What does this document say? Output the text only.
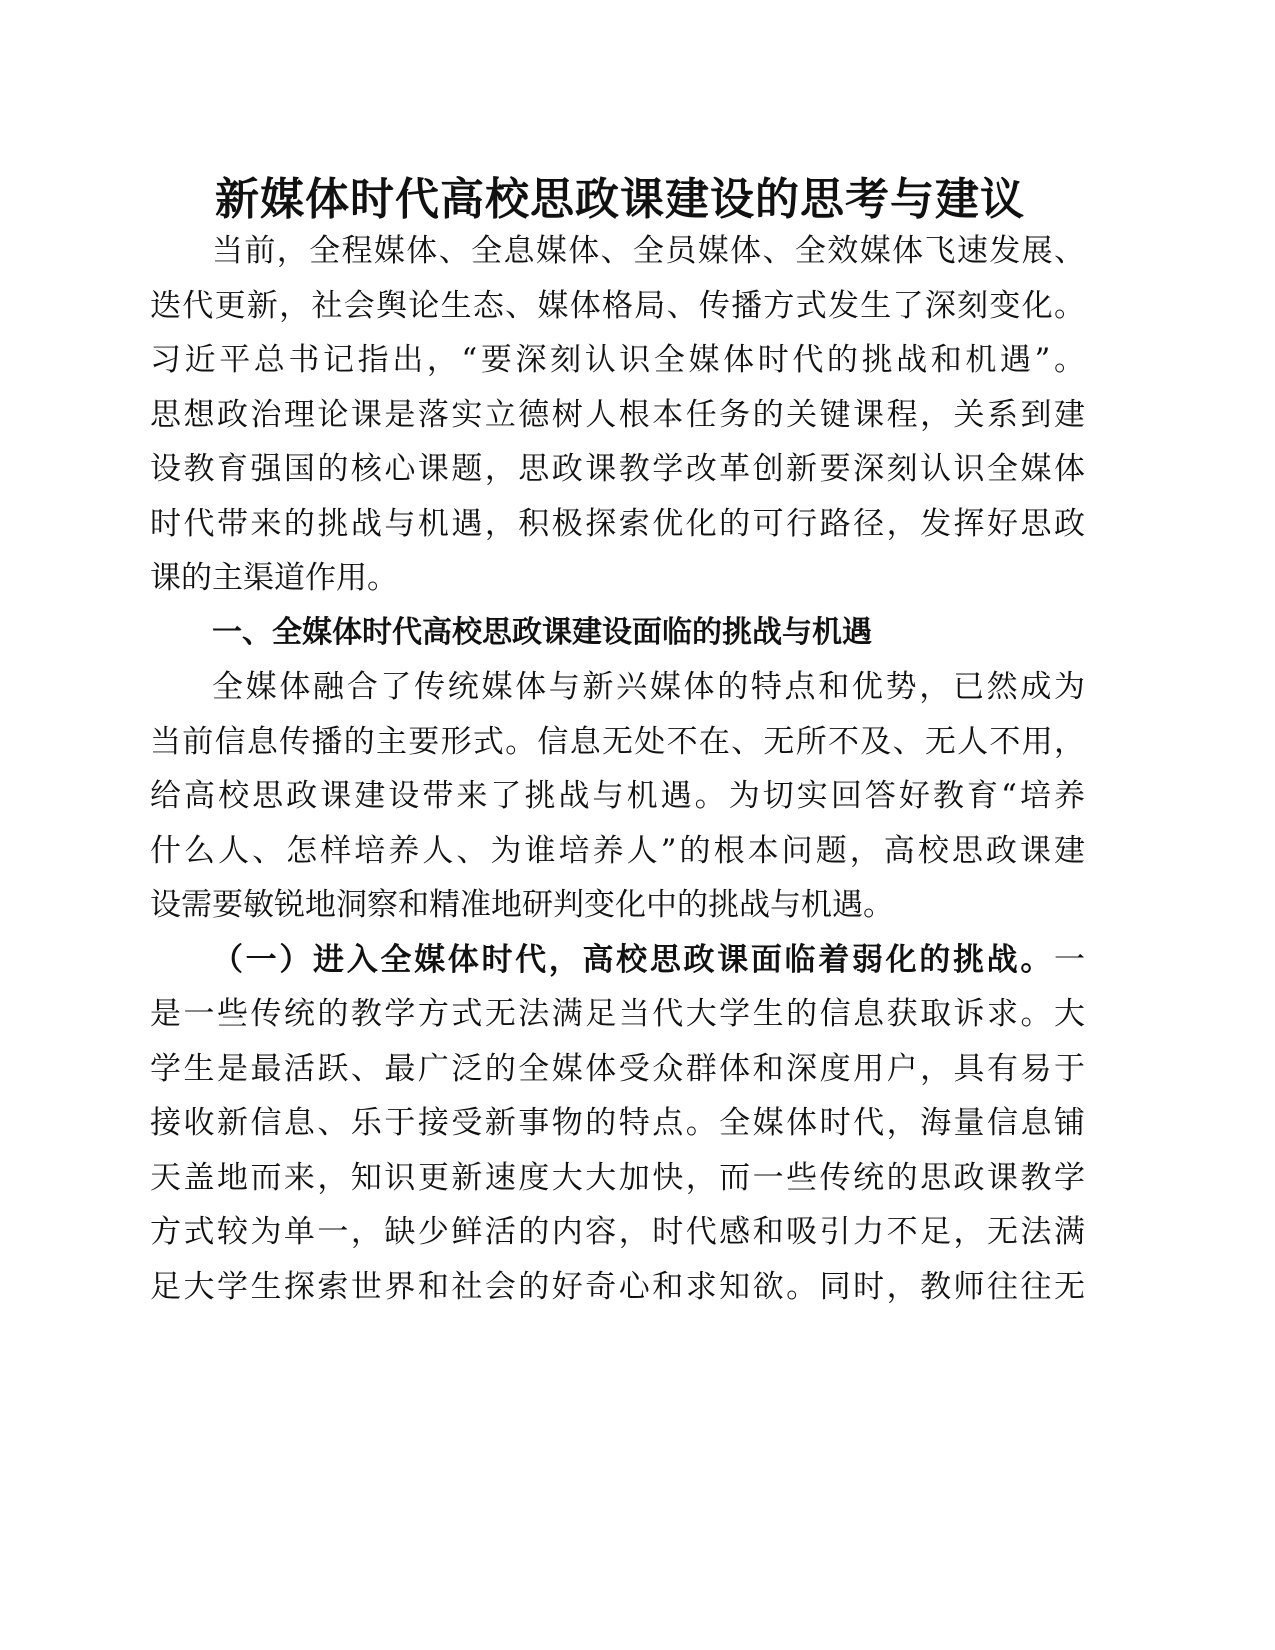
新媒体时代高校思政课建设的思考与建议
当前，全程媒体、全息媒体、全员媒体、全效媒体飞速发展、
迭代更新，社会舆论生态、媒体格局、传播方式发生了深刻变化。
习近平总书记指出，“要深刻认识全媒体时代的挑战和机遇”。
思想政治理论课是落实立德树人根本任务的关键课程，关系到建
设教育强国的核心课题，思政课教学改革创新要深刻认识全媒体
时代带来的挑战与机遇，积极探索优化的可行路径，发挥好思政
课的主渠道作用。
一、全媒体时代高校思政课建设面临的挑战与机遇
全媒体融合了传统媒体与新兴媒体的特点和优势，已然成为
当前信息传播的主要形式。信息无处不在、无所不及、无人不用，
给高校思政课建设带来了挑战与机遇。为切实回答好教育“培养
什么人、怎样培养人、为谁培养人”的根本问题，高校思政课建
设需要敏锐地洞察和精准地研判变化中的挑战与机遇。
（一）进入全媒体时代，高校思政课面临着弱化的挑战。一
是一些传统的教学方式无法满足当代大学生的信息获取诉求。大
学生是最活跃、最广泛的全媒体受众群体和深度用户，具有易于
接收新信息、乐于接受新事物的特点。全媒体时代，海量信息铺
天盖地而来，知识更新速度大大加快，而一些传统的思政课教学
方式较为单一，缺少鲜活的内容，时代感和吸引力不足，无法满
足大学生探索世界和社会的好奇心和求知欲。同时，教师往往无
